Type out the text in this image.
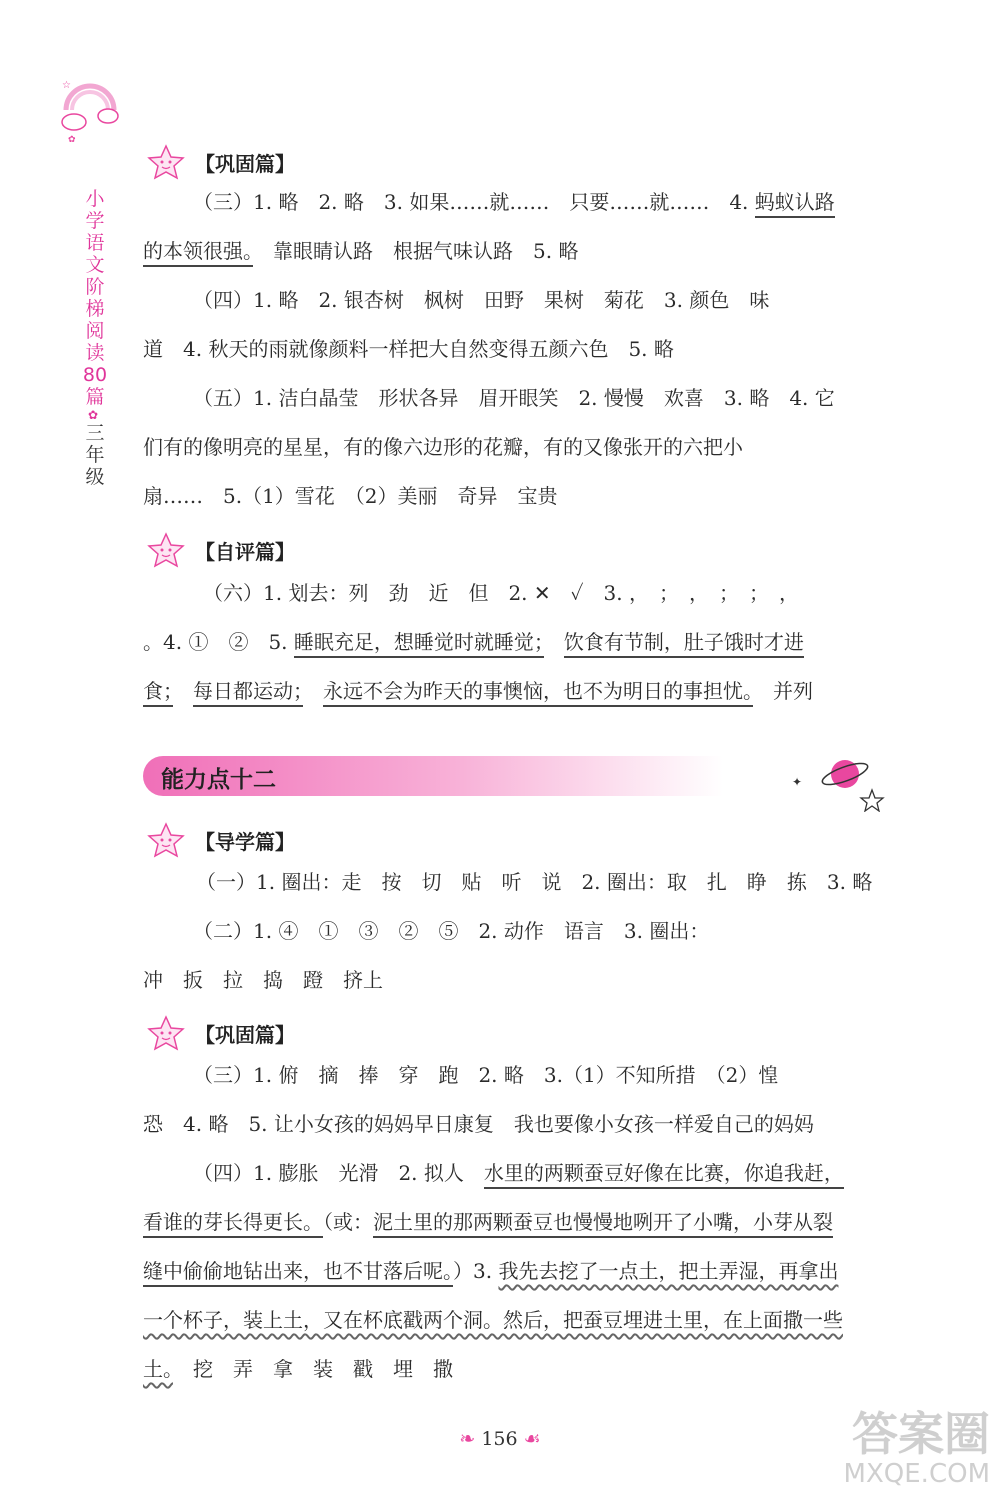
☆
✿
小学语文阶梯阅读80篇
✿
三年级
【巩固篇】
（三）1. 略　2. 略　3. 如果……就……　只要……就……　4. 蚂蚁认路
的本领很强。　靠眼睛认路　根据气味认路　5. 略
（四）1. 略　2. 银杏树　枫树　田野　果树　菊花　3. 颜色　味
道　4. 秋天的雨就像颜料一样把大自然变得五颜六色　5. 略
（五）1. 洁白晶莹　形状各异　眉开眼笑　2. 慢慢　欢喜　3. 略　4. 它
们有的像明亮的星星，有的像六边形的花瓣，有的又像张开的六把小
扇……　5.（1）雪花　（2）美丽　奇异　宝贵
【自评篇】
（六）1. 划去：列　劲　近　但　2. ✕　✓　3. ，　；　，　；　；　，
。4. ①　②　5. 睡眠充足，想睡觉时就睡觉；　 饮食有节制，肚子饿时才进
食；　 每日都运动；　 永远不会为昨天的事懊恼，也不为明日的事担忧。　并列
能力点十二	✦
【导学篇】
（一）1. 圈出：走　按　切　贴　听　说　2. 圈出：取　扎　睁　拣　3. 略
（二）1. ④　①　③　②　⑤　2. 动作　语言　3. 圈出：
冲　扳　拉　捣　蹬　挤上
【巩固篇】
（三）1. 俯　摘　捧　穿　跑　2. 略　3.（1）不知所措　（2）惶
恐　4. 略　5. 让小女孩的妈妈早日康复　我也要像小女孩一样爱自己的妈妈
（四）1. 膨胀　光滑　2. 拟人　水里的两颗蚕豆好像在比赛，你追我赶，
看谁的芽长得更长。（或：泥土里的那两颗蚕豆也慢慢地咧开了小嘴，小芽从裂
缝中偷偷地钻出来，也不甘落后呢。）3. 我先去挖了一点土，把土弄湿，再拿出
一个杯子，装上土，又在杯底戳两个洞。然后，把蚕豆埋进土里，在上面撒一些
土。　 挖　弄　拿　装　戳　埋　撒
❧ 156 ☙	答案圈
MXQE.COM
